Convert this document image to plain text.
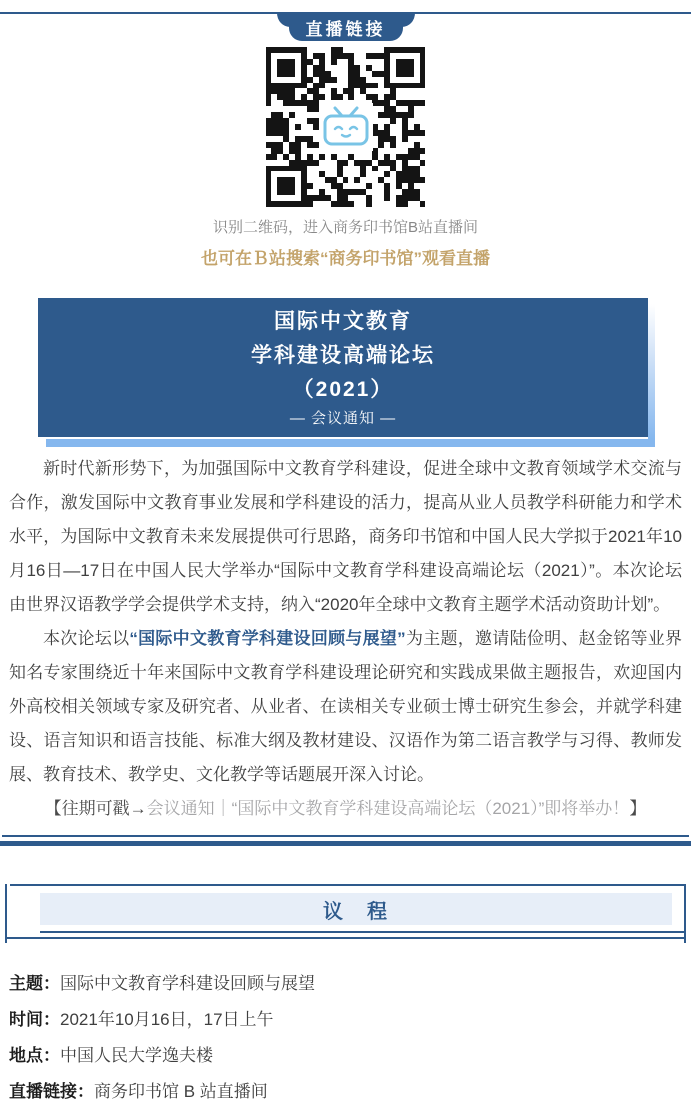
直播链接
识别二维码，进入商务印书馆B站直播间
也可在Ｂ站搜索“商务印书馆”观看直播
国际中文教育
学科建设高端论坛
（2021）
— 会议通知 —

新时代新形势下，为加强国际中文教育学科建设，促进全球中文教育领域学术交流与合作，激发国际中文教育事业发展和学科建设的活力，提高从业人员教学科研能力和学术水平，为国际中文教育未来发展提供可行思路，商务印书馆和中国人民大学拟于2021年10月16日—17日在中国人民大学举办“国际中文教育学科建设高端论坛（2021）”。本次论坛由世界汉语教学学会提供学术支持，纳入“2020年全球中文教育主题学术活动资助计划”。

本次论坛以“国际中文教育学科建设回顾与展望”为主题，邀请陆俭明、赵金铭等业界知名专家围绕近十年来国际中文教育学科建设理论研究和实践成果做主题报告，欢迎国内外高校相关领域专家及研究者、从业者、在读相关专业硕士博士研究生参会，并就学科建设、语言知识和语言技能、标准大纲及教材建设、汉语作为第二语言教学与习得、教师发展、教育技术、教学史、文化教学等话题展开深入讨论。

【往期可戳→会议通知｜“国际中文教育学科建设高端论坛（2021）”即将举办！】

议　程
主题：国际中文教育学科建设回顾与展望
时间：2021年10月16日，17日上午
地点：中国人民大学逸夫楼
直播链接：商务印书馆 B 站直播间
